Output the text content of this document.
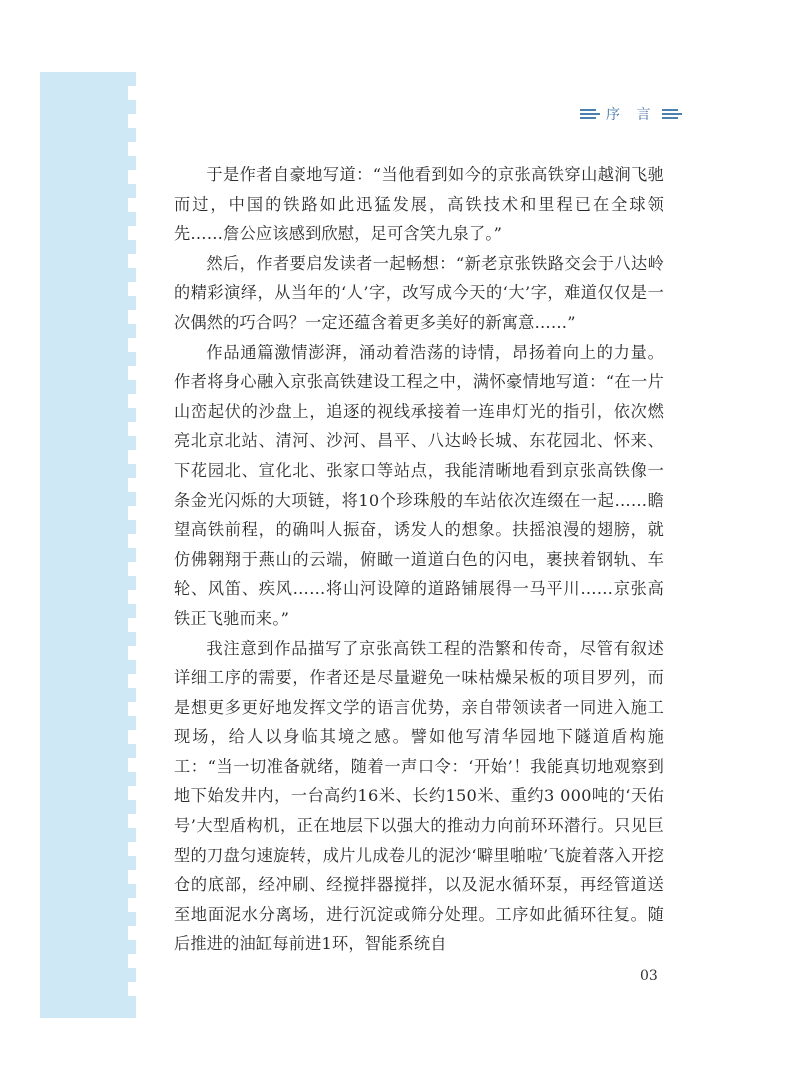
序 言

于是作者自豪地写道：“当他看到如今的京张高铁穿山越涧飞驰而过，中国的铁路如此迅猛发展，高铁技术和里程已在全球领先……詹公应该感到欣慰，足可含笑九泉了。”

然后，作者要启发读者一起畅想：“新老京张铁路交会于八达岭的精彩演绎，从当年的‘人’字，改写成今天的‘大’字，难道仅仅是一次偶然的巧合吗？一定还蕴含着更多美好的新寓意……”

作品通篇激情澎湃，涌动着浩荡的诗情，昂扬着向上的力量。作者将身心融入京张高铁建设工程之中，满怀豪情地写道：“在一片山峦起伏的沙盘上，追逐的视线承接着一连串灯光的指引，依次燃亮北京北站、清河、沙河、昌平、八达岭长城、东花园北、怀来、下花园北、宣化北、张家口等站点，我能清晰地看到京张高铁像一条金光闪烁的大项链，将10个珍珠般的车站依次连缀在一起……瞻望高铁前程，的确叫人振奋，诱发人的想象。扶摇浪漫的翅膀，就仿佛翱翔于燕山的云端，俯瞰一道道白色的闪电，裹挟着钢轨、车轮、风笛、疾风……将山河设障的道路铺展得一马平川……京张高铁正飞驰而来。”

我注意到作品描写了京张高铁工程的浩繁和传奇，尽管有叙述详细工序的需要，作者还是尽量避免一味枯燥呆板的项目罗列，而是想更多更好地发挥文学的语言优势，亲自带领读者一同进入施工现场，给人以身临其境之感。譬如他写清华园地下隧道盾构施工：“当一切准备就绪，随着一声口令：‘开始’！我能真切地观察到地下始发井内，一台高约16米、长约150米、重约3 000吨的‘天佑号’大型盾构机，正在地层下以强大的推动力向前环环潜行。只见巨型的刀盘匀速旋转，成片儿成卷儿的泥沙‘噼里啪啦’飞旋着落入开挖仓的底部，经冲刷、经搅拌器搅拌，以及泥水循环泵，再经管道送至地面泥水分离场，进行沉淀或筛分处理。工序如此循环往复。随后推进的油缸每前进1环，智能系统自

03
